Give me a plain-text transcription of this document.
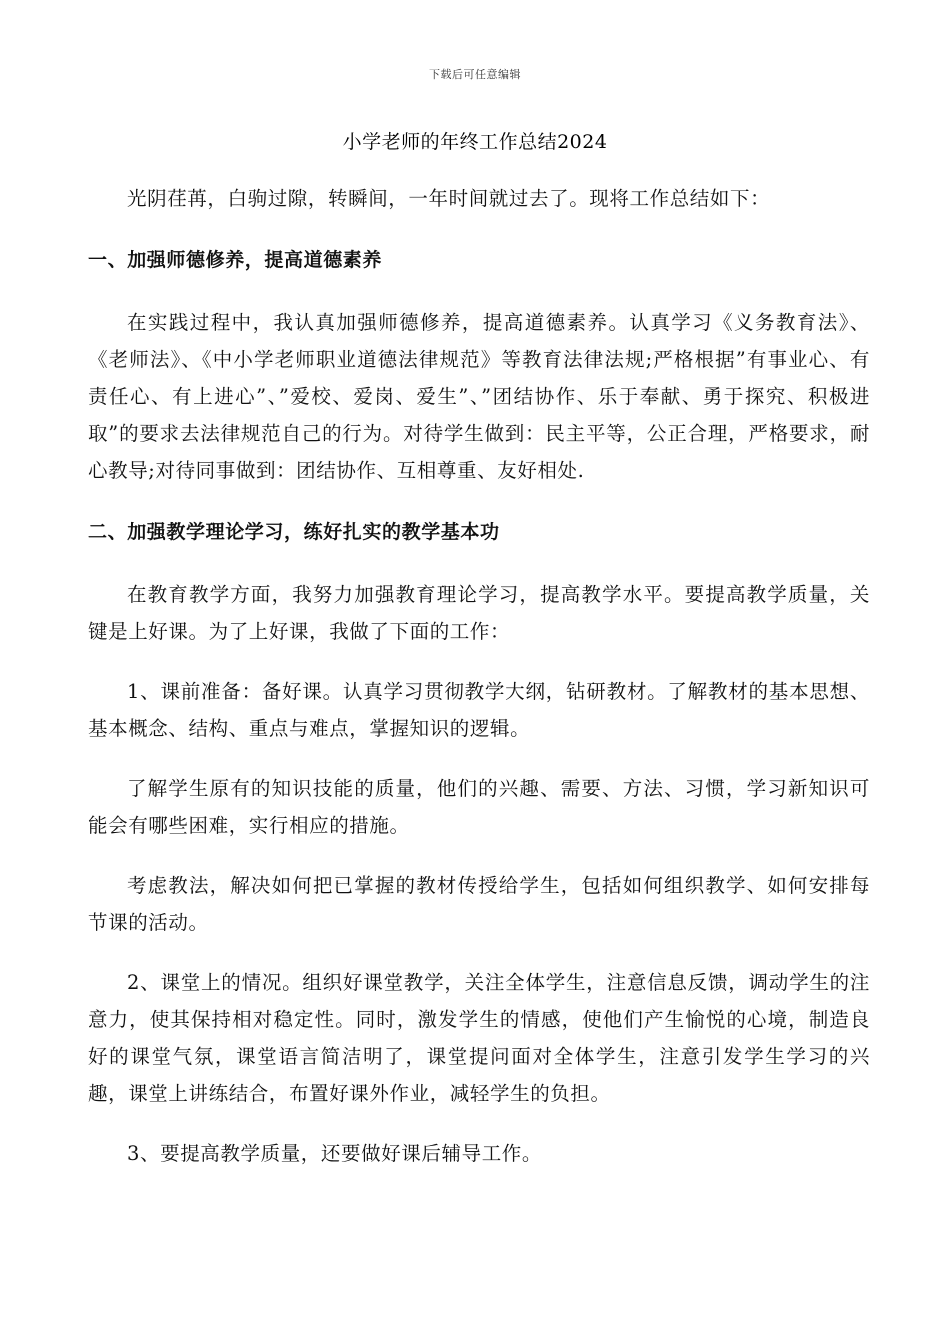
下载后可任意编辑
小学老师的年终工作总结2024

光阴荏苒，白驹过隙，转瞬间，一年时间就过去了。现将工作总结如下：

一、加强师德修养，提高道德素养

在实践过程中，我认真加强师德修养，提高道德素养。认真学习《义务教育法》、《老师法》、《中小学老师职业道德法律规范》等教育法律法规;严格根据”有事业心、有责任心、有上进心”、”爱校、爱岗、爱生”、”团结协作、乐于奉献、勇于探究、积极进取”的要求去法律规范自己的行为。对待学生做到：民主平等，公正合理，严格要求，耐心教导;对待同事做到：团结协作、互相尊重、友好相处.

二、加强教学理论学习，练好扎实的教学基本功

在教育教学方面，我努力加强教育理论学习，提高教学水平。要提高教学质量，关键是上好课。为了上好课，我做了下面的工作：

1、课前准备：备好课。认真学习贯彻教学大纲，钻研教材。了解教材的基本思想、基本概念、结构、重点与难点，掌握知识的逻辑。

了解学生原有的知识技能的质量，他们的兴趣、需要、方法、习惯，学习新知识可能会有哪些困难，实行相应的措施。

考虑教法，解决如何把已掌握的教材传授给学生，包括如何组织教学、如何安排每节课的活动。

2、课堂上的情况。组织好课堂教学，关注全体学生，注意信息反馈，调动学生的注意力，使其保持相对稳定性。同时，激发学生的情感，使他们产生愉悦的心境，制造良好的课堂气氛，课堂语言简洁明了，课堂提问面对全体学生，注意引发学生学习的兴趣，课堂上讲练结合，布置好课外作业，减轻学生的负担。

3、要提高教学质量，还要做好课后辅导工作。
